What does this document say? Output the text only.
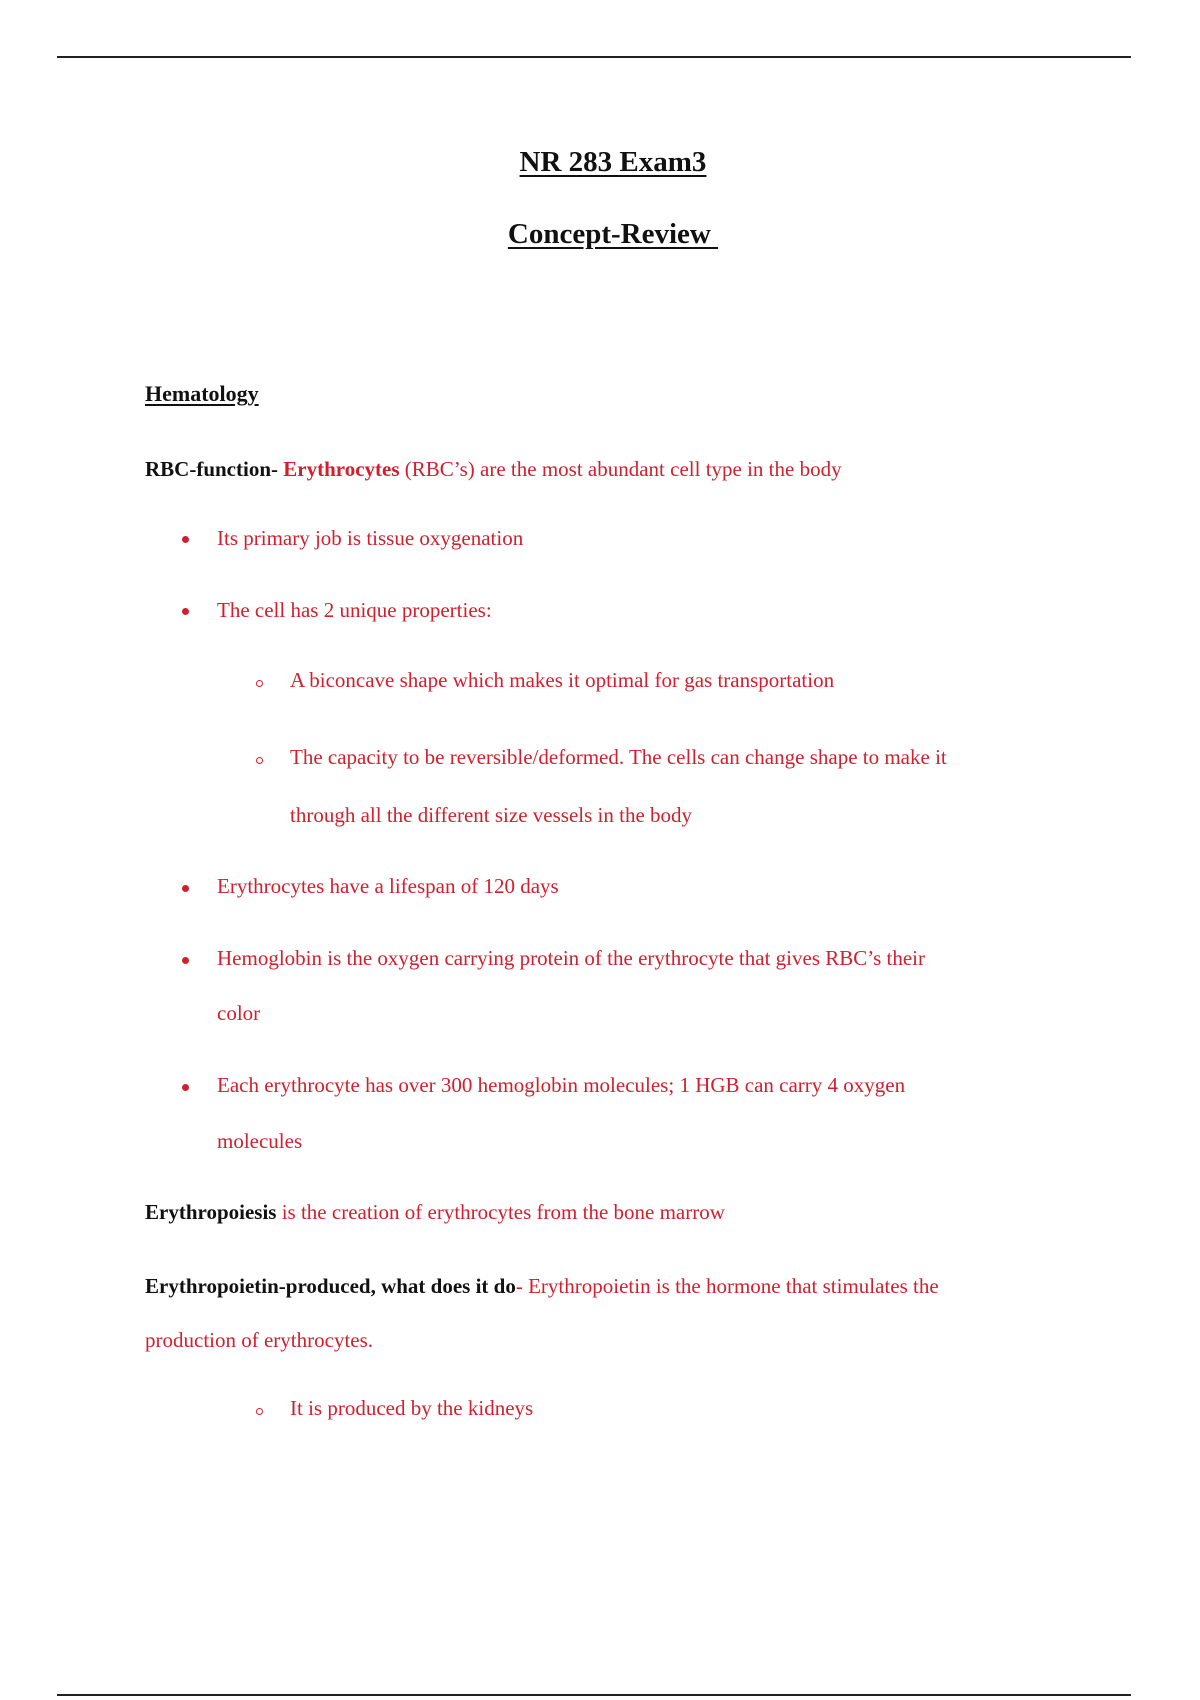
NR 283 Exam3
Concept-Review
Hematology
RBC-function- Erythrocytes (RBC’s) are the most abundant cell type in the body
Its primary job is tissue oxygenation
The cell has 2 unique properties:
A biconcave shape which makes it optimal for gas transportation
The capacity to be reversible/deformed. The cells can change shape to make it
through all the different size vessels in the body
Erythrocytes have a lifespan of 120 days
Hemoglobin is the oxygen carrying protein of the erythrocyte that gives RBC’s their
color
Each erythrocyte has over 300 hemoglobin molecules; 1 HGB can carry 4 oxygen
molecules
Erythropoiesis is the creation of erythrocytes from the bone marrow
Erythropoietin-produced, what does it do- Erythropoietin is the hormone that stimulates the
production of erythrocytes.
It is produced by the kidneys
